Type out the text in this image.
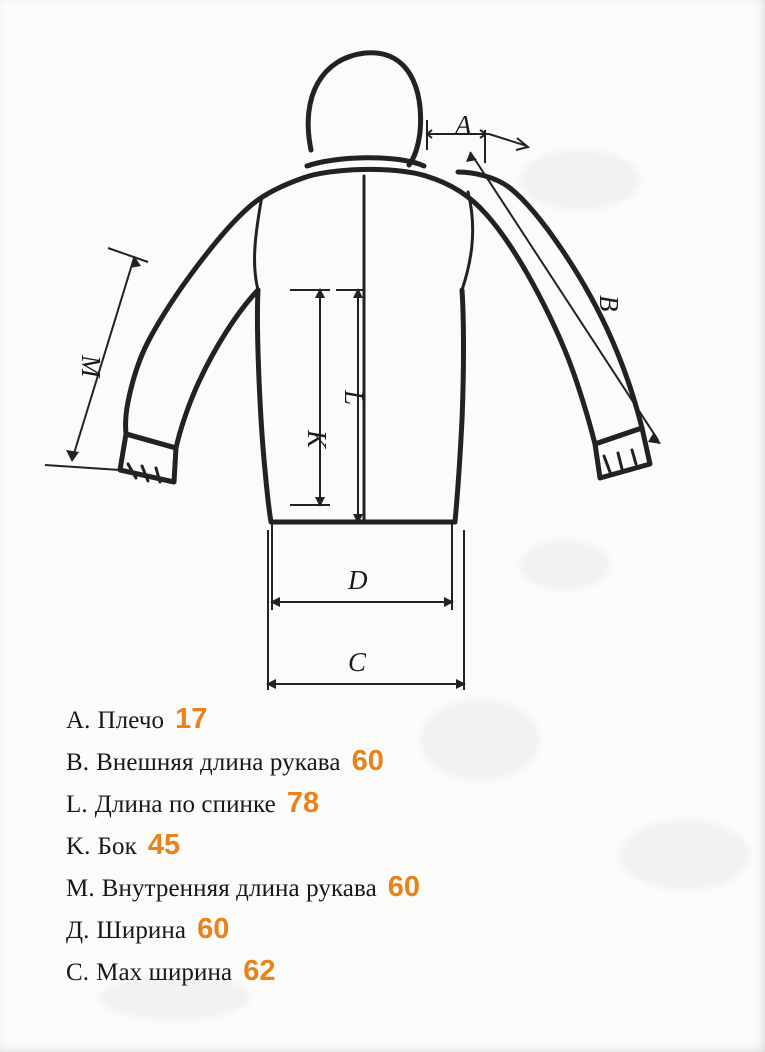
A
B
L
K
M
D
C
A. Плечо 17
B. Внешняя длина рукава 60
L. Длина по спинке 78
K. Бок 45
M. Внутренняя длина рукава 60
Д. Ширина 60
C. Мах ширина 62
